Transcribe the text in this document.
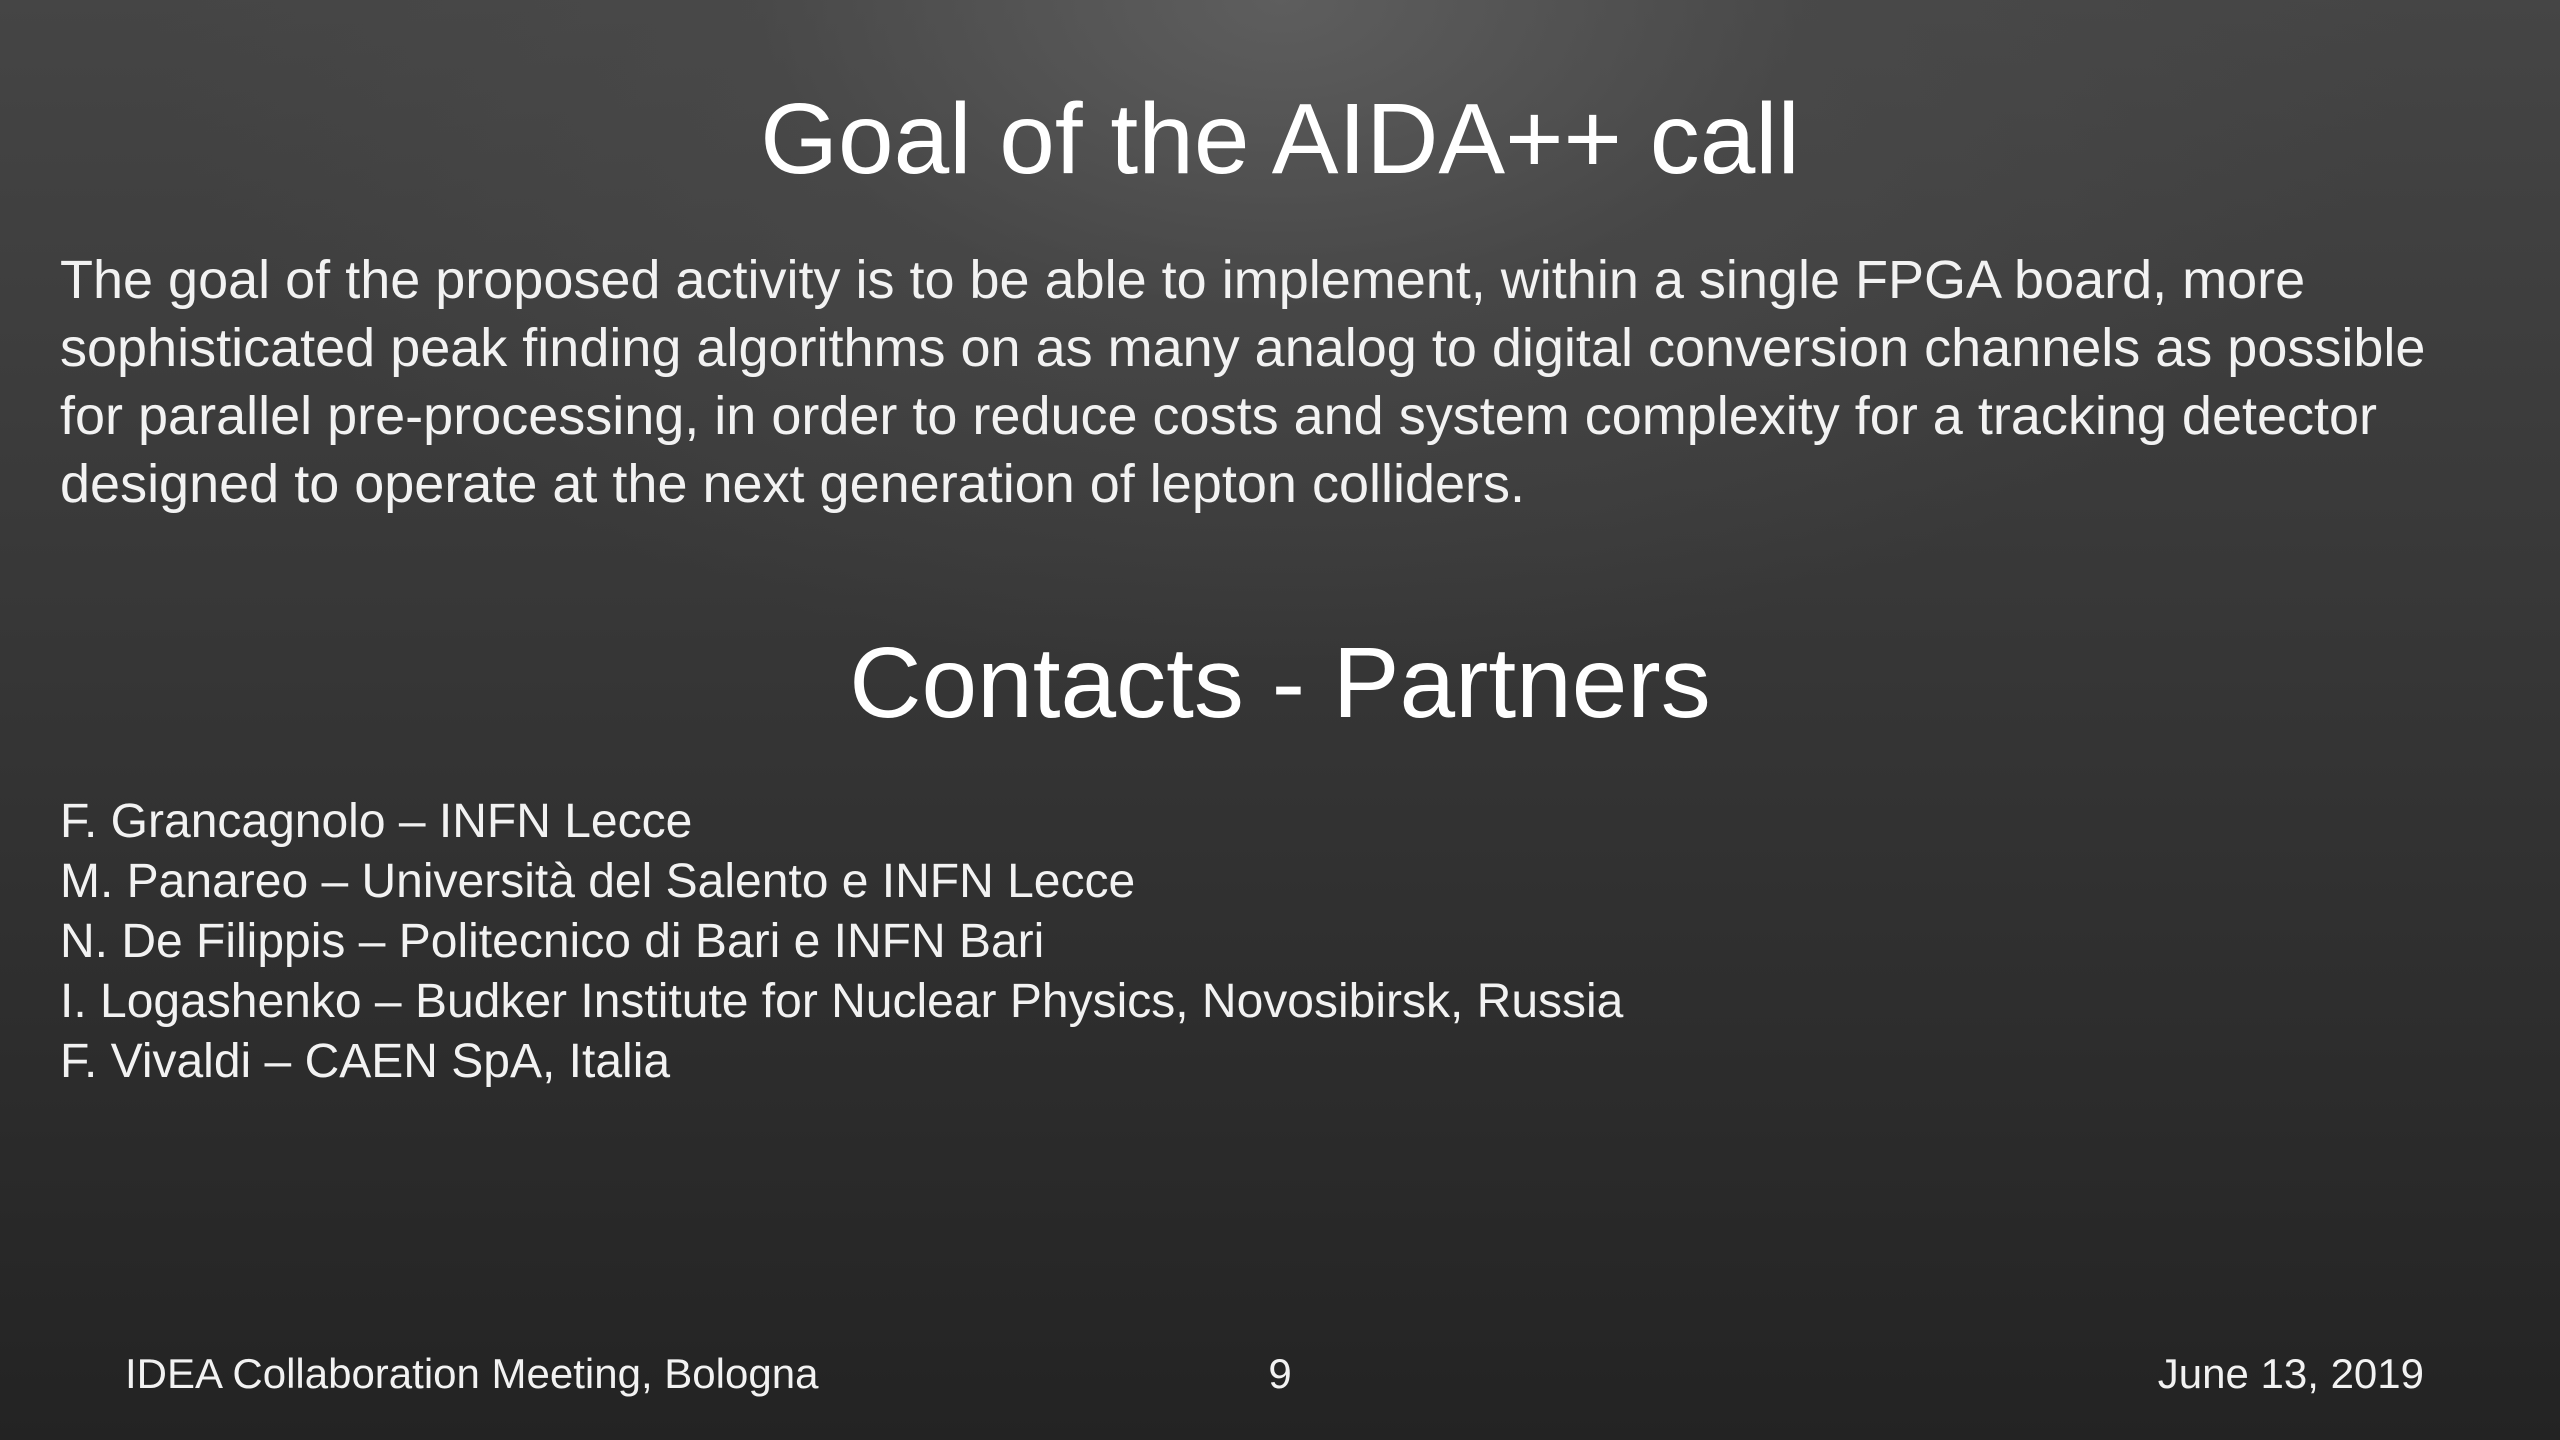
Goal of the AIDA++ call

The goal of the proposed activity is to be able to implement, within a single FPGA board, more sophisticated peak finding algorithms on as many analog to digital conversion channels as possible for parallel pre-processing, in order to reduce costs and system complexity for a tracking detector designed to operate at the next generation of lepton colliders.

Contacts - Partners
F. Grancagnolo – INFN Lecce
M. Panareo – Università del Salento e INFN Lecce
N. De Filippis – Politecnico di Bari e INFN Bari
I. Logashenko – Budker Institute for Nuclear Physics, Novosibirsk, Russia
F. Vivaldi – CAEN SpA, Italia
IDEA Collaboration Meeting, Bologna	9	June 13, 2019
